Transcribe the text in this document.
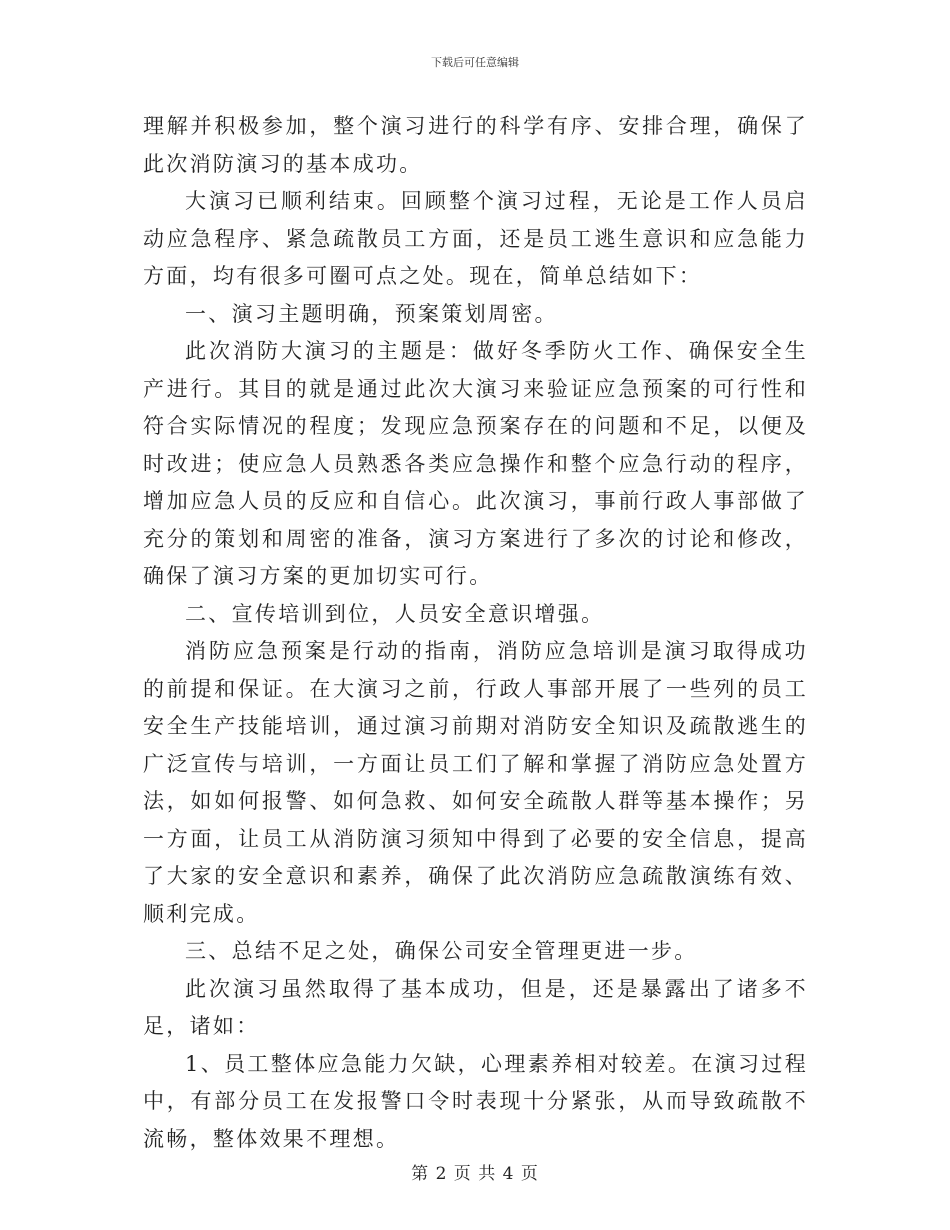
下载后可任意编辑

理解并积极参加，整个演习进行的科学有序、安排合理，确保了此次消防演习的基本成功。

大演习已顺利结束。回顾整个演习过程，无论是工作人员启动应急程序、紧急疏散员工方面，还是员工逃生意识和应急能力方面，均有很多可圈可点之处。现在，简单总结如下：

一、演习主题明确，预案策划周密。

此次消防大演习的主题是：做好冬季防火工作、确保安全生产进行。其目的就是通过此次大演习来验证应急预案的可行性和符合实际情况的程度；发现应急预案存在的问题和不足，以便及时改进；使应急人员熟悉各类应急操作和整个应急行动的程序，增加应急人员的反应和自信心。此次演习，事前行政人事部做了充分的策划和周密的准备，演习方案进行了多次的讨论和修改，确保了演习方案的更加切实可行。

二、宣传培训到位，人员安全意识增强。

消防应急预案是行动的指南，消防应急培训是演习取得成功的前提和保证。在大演习之前，行政人事部开展了一些列的员工安全生产技能培训，通过演习前期对消防安全知识及疏散逃生的广泛宣传与培训，一方面让员工们了解和掌握了消防应急处置方法，如如何报警、如何急救、如何安全疏散人群等基本操作；另一方面，让员工从消防演习须知中得到了必要的安全信息，提高了大家的安全意识和素养，确保了此次消防应急疏散演练有效、顺利完成。

三、总结不足之处，确保公司安全管理更进一步。

此次演习虽然取得了基本成功，但是，还是暴露出了诸多不足，诸如：

1、员工整体应急能力欠缺，心理素养相对较差。在演习过程中，有部分员工在发报警口令时表现十分紧张，从而导致疏散不流畅，整体效果不理想。

第 2 页 共 4 页
